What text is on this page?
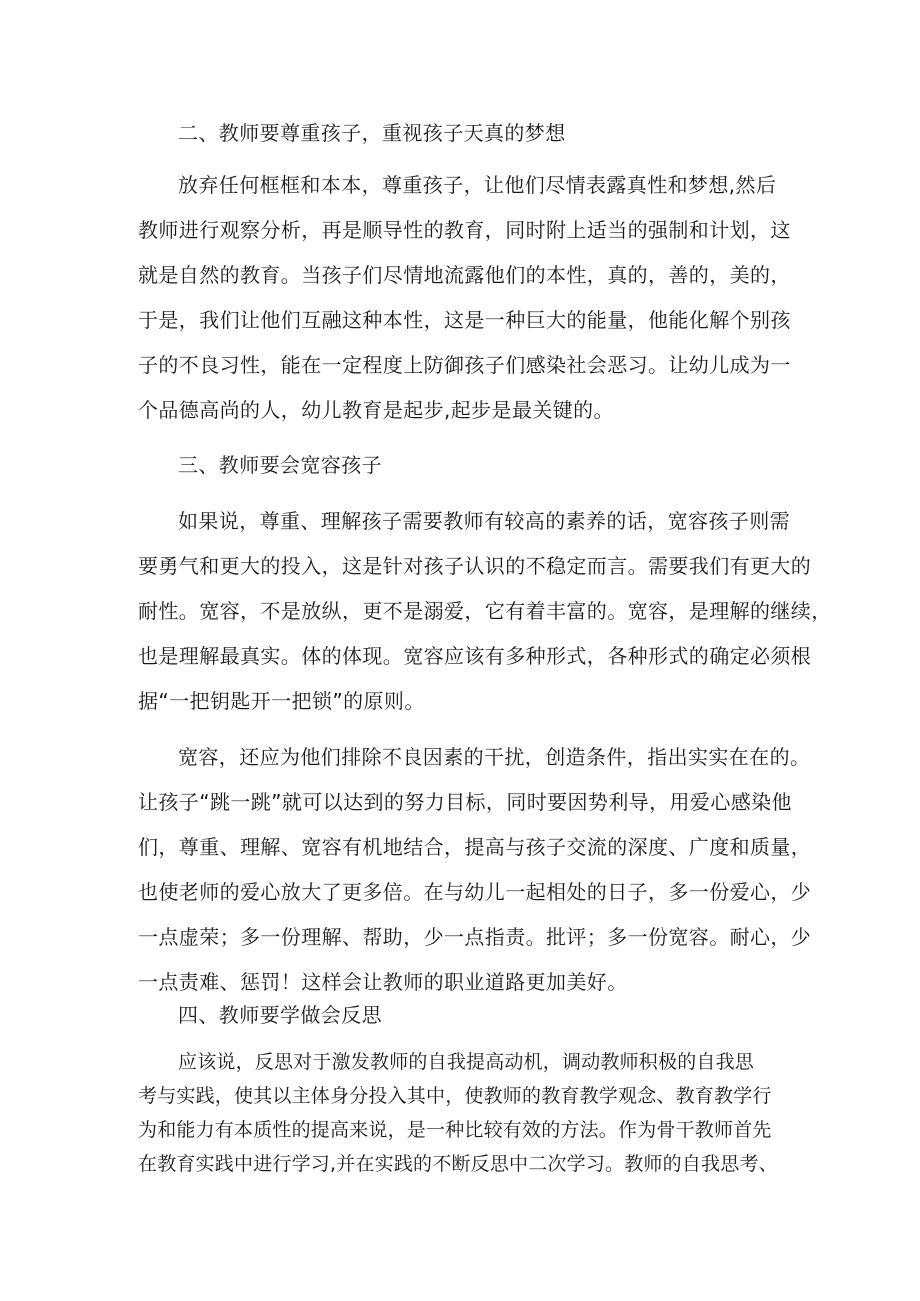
二、教师要尊重孩子，重视孩子天真的梦想
放弃任何框框和本本，尊重孩子，让他们尽情表露真性和梦想,然后
教师进行观察分析，再是顺导性的教育，同时附上适当的强制和计划，这
就是自然的教育。当孩子们尽情地流露他们的本性，真的，善的，美的，
于是，我们让他们互融这种本性，这是一种巨大的能量，他能化解个别孩
子的不良习性，能在一定程度上防御孩子们感染社会恶习。让幼儿成为一
个品德高尚的人，幼儿教育是起步,起步是最关键的。
三、教师要会宽容孩子
如果说，尊重、理解孩子需要教师有较高的素养的话，宽容孩子则需
要勇气和更大的投入，这是针对孩子认识的不稳定而言。需要我们有更大的
耐性。宽容，不是放纵，更不是溺爱，它有着丰富的。宽容，是理解的继续，
也是理解最真实。体的体现。宽容应该有多种形式，各种形式的确定必须根
据“一把钥匙开一把锁”的原则。
宽容，还应为他们排除不良因素的干扰，创造条件，指出实实在在的。
让孩子“跳一跳”就可以达到的努力目标，同时要因势利导，用爱心感染他
们，尊重、理解、宽容有机地结合，提高与孩子交流的深度、广度和质量，
也使老师的爱心放大了更多倍。在与幼儿一起相处的日子，多一份爱心，少
一点虚荣；多一份理解、帮助，少一点指责。批评；多一份宽容。耐心，少
一点责难、惩罚！这样会让教师的职业道路更加美好。
四、教师要学做会反思
应该说，反思对于激发教师的自我提高动机，调动教师积极的自我思
考与实践，使其以主体身分投入其中，使教师的教育教学观念、教育教学行
为和能力有本质性的提高来说，是一种比较有效的方法。作为骨干教师首先
在教育实践中进行学习,并在实践的不断反思中二次学习。教师的自我思考、
